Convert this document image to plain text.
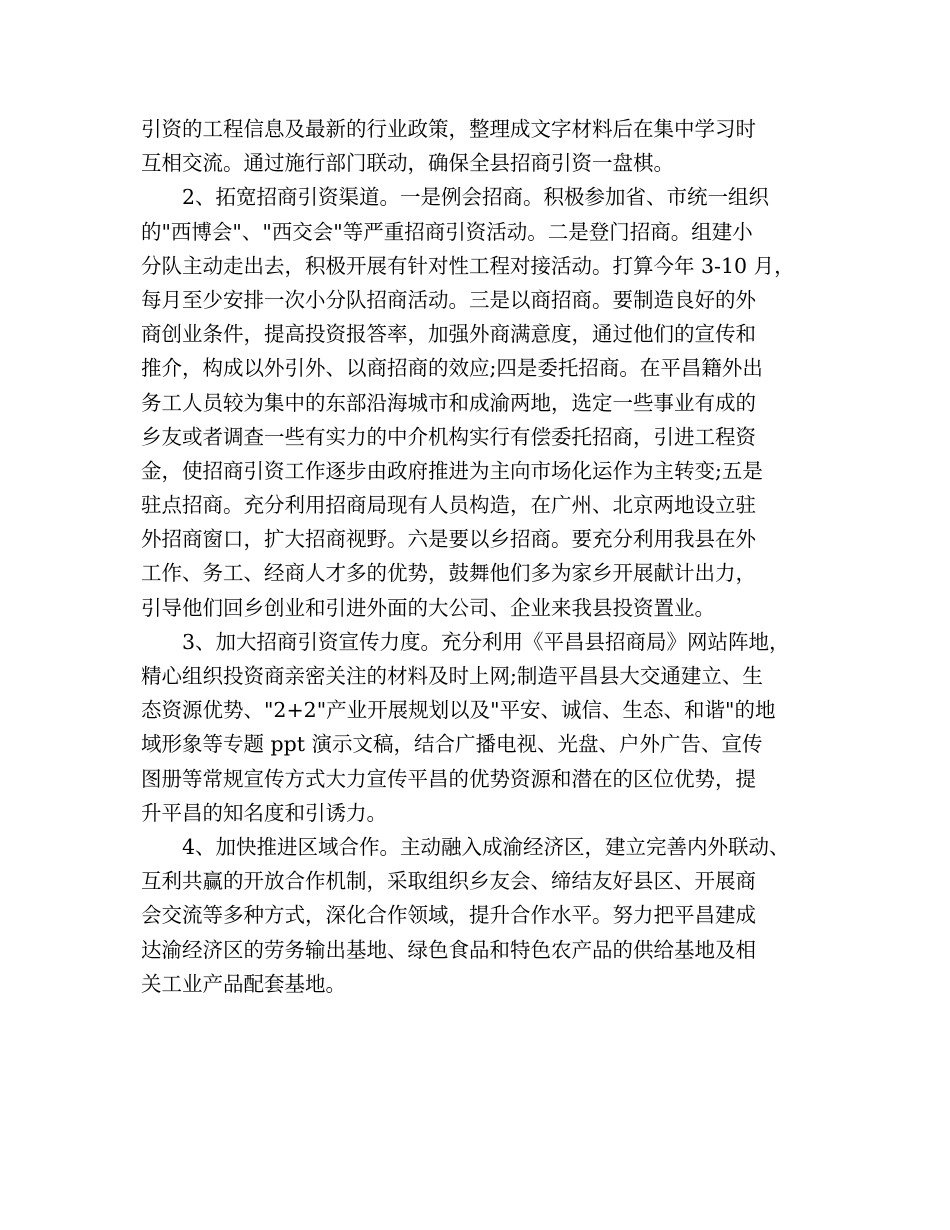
引资的工程信息及最新的行业政策，整理成文字材料后在集中学习时
互相交流。通过施行部门联动，确保全县招商引资一盘棋。
2、拓宽招商引资渠道。一是例会招商。积极参加省、市统一组织
的"西博会"、"西交会"等严重招商引资活动。二是登门招商。组建小
分队主动走出去，积极开展有针对性工程对接活动。打算今年 3-10 月，
每月至少安排一次小分队招商活动。三是以商招商。要制造良好的外
商创业条件，提高投资报答率，加强外商满意度，通过他们的宣传和
推介，构成以外引外、以商招商的效应;四是委托招商。在平昌籍外出
务工人员较为集中的东部沿海城市和成渝两地，选定一些事业有成的
乡友或者调查一些有实力的中介机构实行有偿委托招商，引进工程资
金，使招商引资工作逐步由政府推进为主向市场化运作为主转变;五是
驻点招商。充分利用招商局现有人员构造，在广州、北京两地设立驻
外招商窗口，扩大招商视野。六是要以乡招商。要充分利用我县在外
工作、务工、经商人才多的优势，鼓舞他们多为家乡开展献计出力，
引导他们回乡创业和引进外面的大公司、企业来我县投资置业。
3、加大招商引资宣传力度。充分利用《平昌县招商局》网站阵地，
精心组织投资商亲密关注的材料及时上网;制造平昌县大交通建立、生
态资源优势、"2+2"产业开展规划以及"平安、诚信、生态、和谐"的地
域形象等专题 ppt 演示文稿，结合广播电视、光盘、户外广告、宣传
图册等常规宣传方式大力宣传平昌的优势资源和潜在的区位优势，提
升平昌的知名度和引诱力。
4、加快推进区域合作。主动融入成渝经济区，建立完善内外联动、
互利共赢的开放合作机制，采取组织乡友会、缔结友好县区、开展商
会交流等多种方式，深化合作领域，提升合作水平。努力把平昌建成
达渝经济区的劳务输出基地、绿色食品和特色农产品的供给基地及相
关工业产品配套基地。
